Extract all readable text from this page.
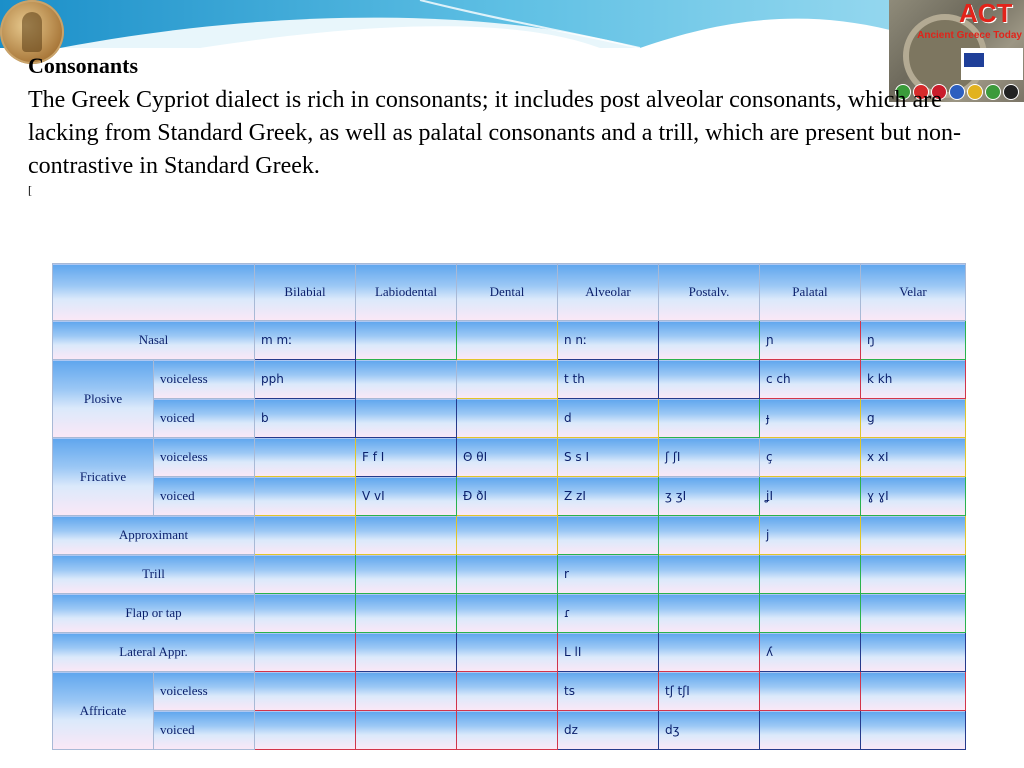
ACT
Ancient Greece Today
Consonants
The Greek Cypriot dialect is rich in consonants; it includes post alveolar consonants, which are lacking from Standard Greek, as well as palatal consonants and a trill, which are present but non-contrastive in Standard Greek.
[
		Bilabial	Labiodental	Dental	Alveolar	Postalv.	Palatal	Velar
Nasal		m mː			n nː		ɲ	ŋ
Plosive	voiceless	pph			t th		c ch	k kh
	voiced	b			d		ɟ	g
Fricative	voiceless		F f I	Θ θI	S s I	ʃ ʃI	ç	x xI
	voiced		V vI	Ð ðI	Z zI	ʒ ʒI	ʝI	ɣ ɣI
Approximant							j	
Trill					r			
Flap or tap					ɾ			
Lateral Appr.					L lI		ʎ	
Affricate	voiceless				ts	tʃ tʃI		
	voiced				dz	dʒ		
